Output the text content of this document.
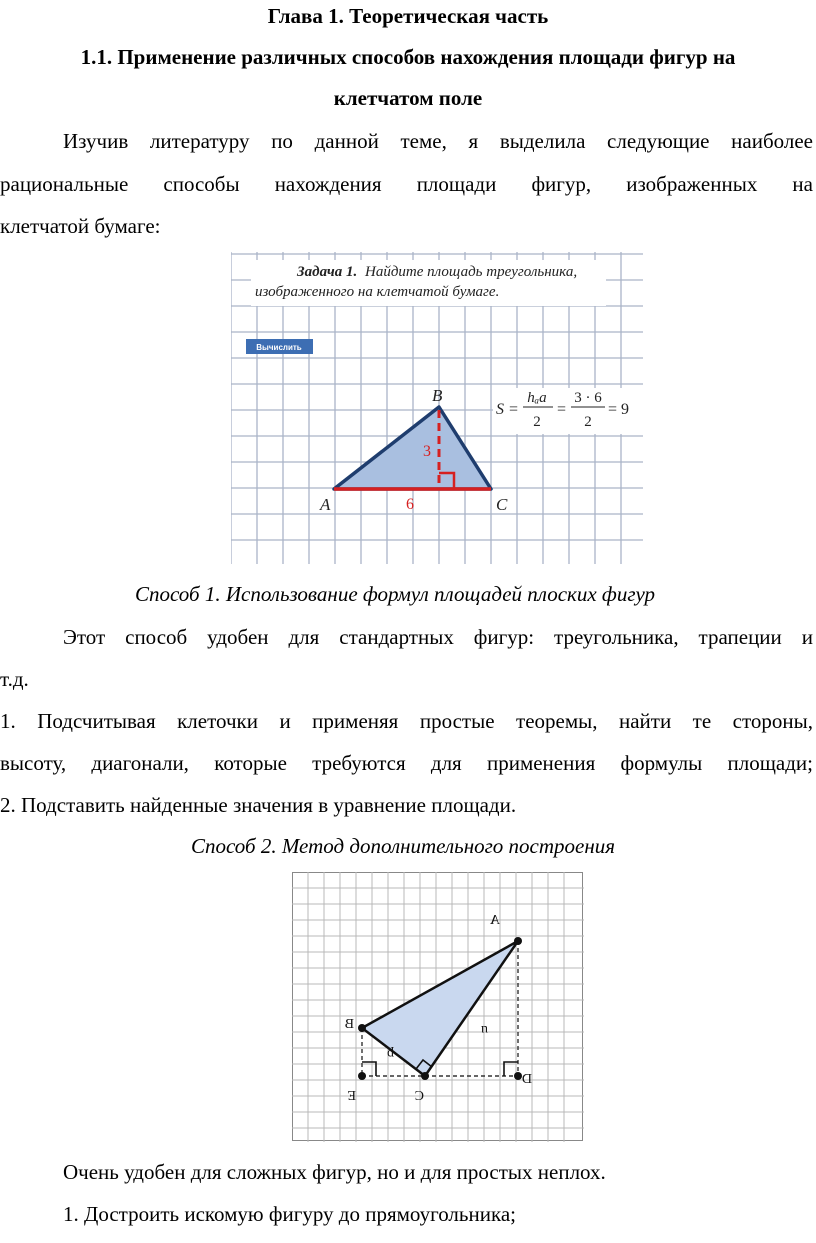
Глава 1. Теоретическая часть
1.1. Применение различных способов нахождения площади фигур на
клетчатом поле
Изучив литературу по данной теме, я выделила следующие наиболее
рациональные способы нахождения площади фигур, изображенных на
клетчатой бумаге:
Задача 1. Найдите площадь треугольника,
изображенного на клетчатой бумаге.
Вычислить
A
B
C
3
6
S =
hₐa
2
=
3 · 6
2
= 9
Способ 1. Использование формул площадей плоских фигур
Этот способ удобен для стандартных фигур: треугольника, трапеции и
т.д.
1. Подсчитывая клеточки и применяя простые теоремы, найти те стороны,
высоту, диагонали, которые требуются для применения формулы площади;
2. Подставить найденные значения в уравнение площади.
Способ 2. Метод дополнительного построения
A
B
C
D
E
p
u
Очень удобен для сложных фигур, но и для простых неплох.
1. Достроить искомую фигуру до прямоугольника;
